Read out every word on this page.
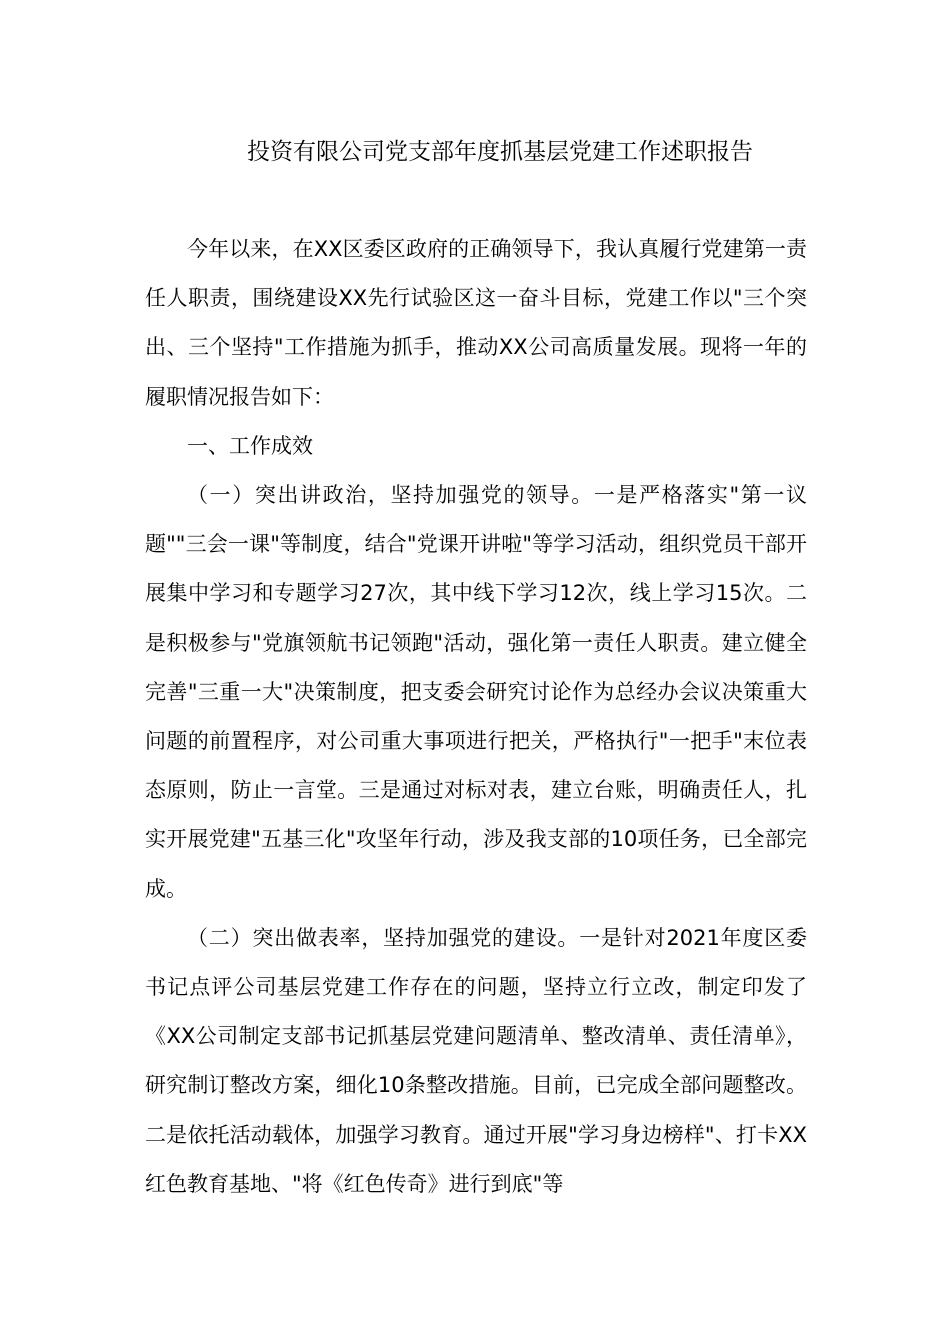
投资有限公司党支部年度抓基层党建工作述职报告

今年以来，在XX区委区政府的正确领导下，我认真履行党建第一责任人职责，围绕建设XX先行试验区这一奋斗目标，党建工作以"三个突出、三个坚持"工作措施为抓手，推动XX公司高质量发展。现将一年的履职情况报告如下：

一、工作成效

（一）突出讲政治，坚持加强党的领导。一是严格落实"第一议题""三会一课"等制度，结合"党课开讲啦"等学习活动，组织党员干部开展集中学习和专题学习27次，其中线下学习12次，线上学习15次。二是积极参与"党旗领航书记领跑"活动，强化第一责任人职责。建立健全完善"三重一大"决策制度，把支委会研究讨论作为总经办会议决策重大问题的前置程序，对公司重大事项进行把关，严格执行"一把手"末位表态原则，防止一言堂。三是通过对标对表，建立台账，明确责任人，扎实开展党建"五基三化"攻坚年行动，涉及我支部的10项任务，已全部完成。

（二）突出做表率，坚持加强党的建设。一是针对2021年度区委书记点评公司基层党建工作存在的问题，坚持立行立改，制定印发了《XX公司制定支部书记抓基层党建问题清单、整改清单、责任清单》，研究制订整改方案，细化10条整改措施。目前，已完成全部问题整改。二是依托活动载体，加强学习教育。通过开展"学习身边榜样"、打卡XX红色教育基地、"将《红色传奇》进行到底"等
